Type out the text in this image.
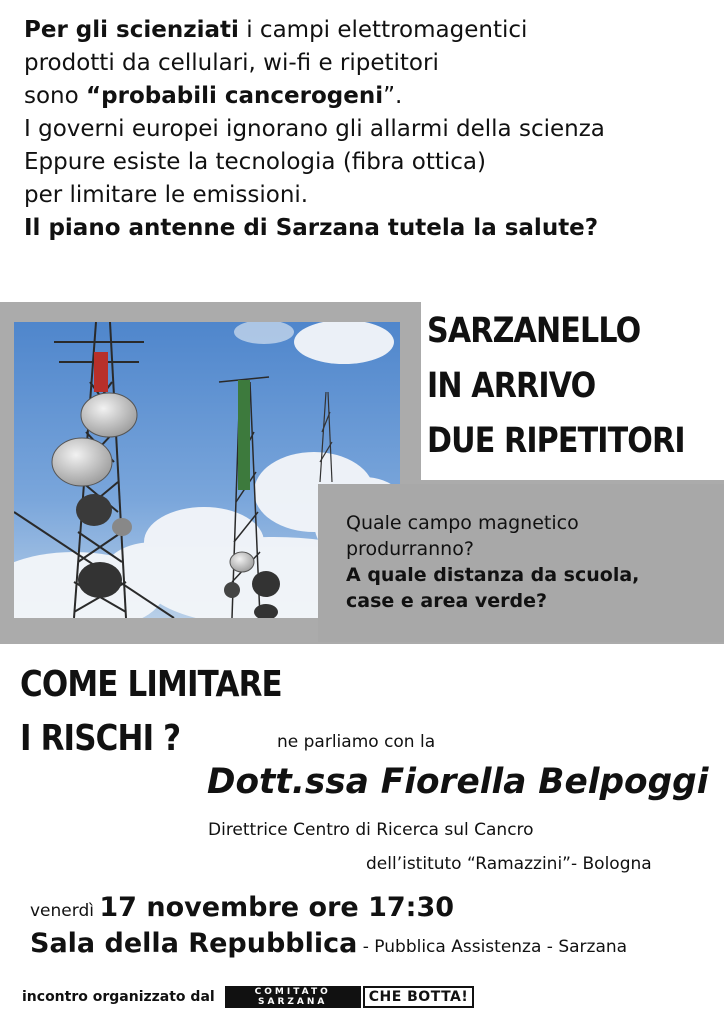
Per gli scienziati i campi elettromagentici

prodotti da cellulari, wi-fi e ripetitori

sono “probabili cancerogeni”.

I governi europei ignorano gli allarmi della scienza

Eppure esiste la tecnologia (fibra ottica)

per limitare le emissioni.

Il piano antenne di Sarzana tutela la salute?

SARZANELLO
IN ARRIVO
DUE RIPETITORI
Quale campo magnetico
produrranno?
A quale distanza da scuola,
case e area verde?
COME LIMITARE
I RISCHI ?	ne parliamo con la
Dott.ssa Fiorella Belpoggi
Direttrice Centro di Ricerca sul Cancro
dell’istituto “Ramazzini”- Bologna
venerdì 17 novembre ore 17:30
Sala della Repubblica - Pubblica Assistenza - Sarzana
incontro organizzato dal	COMITATO
SARZANA	CHE BOTTA!
